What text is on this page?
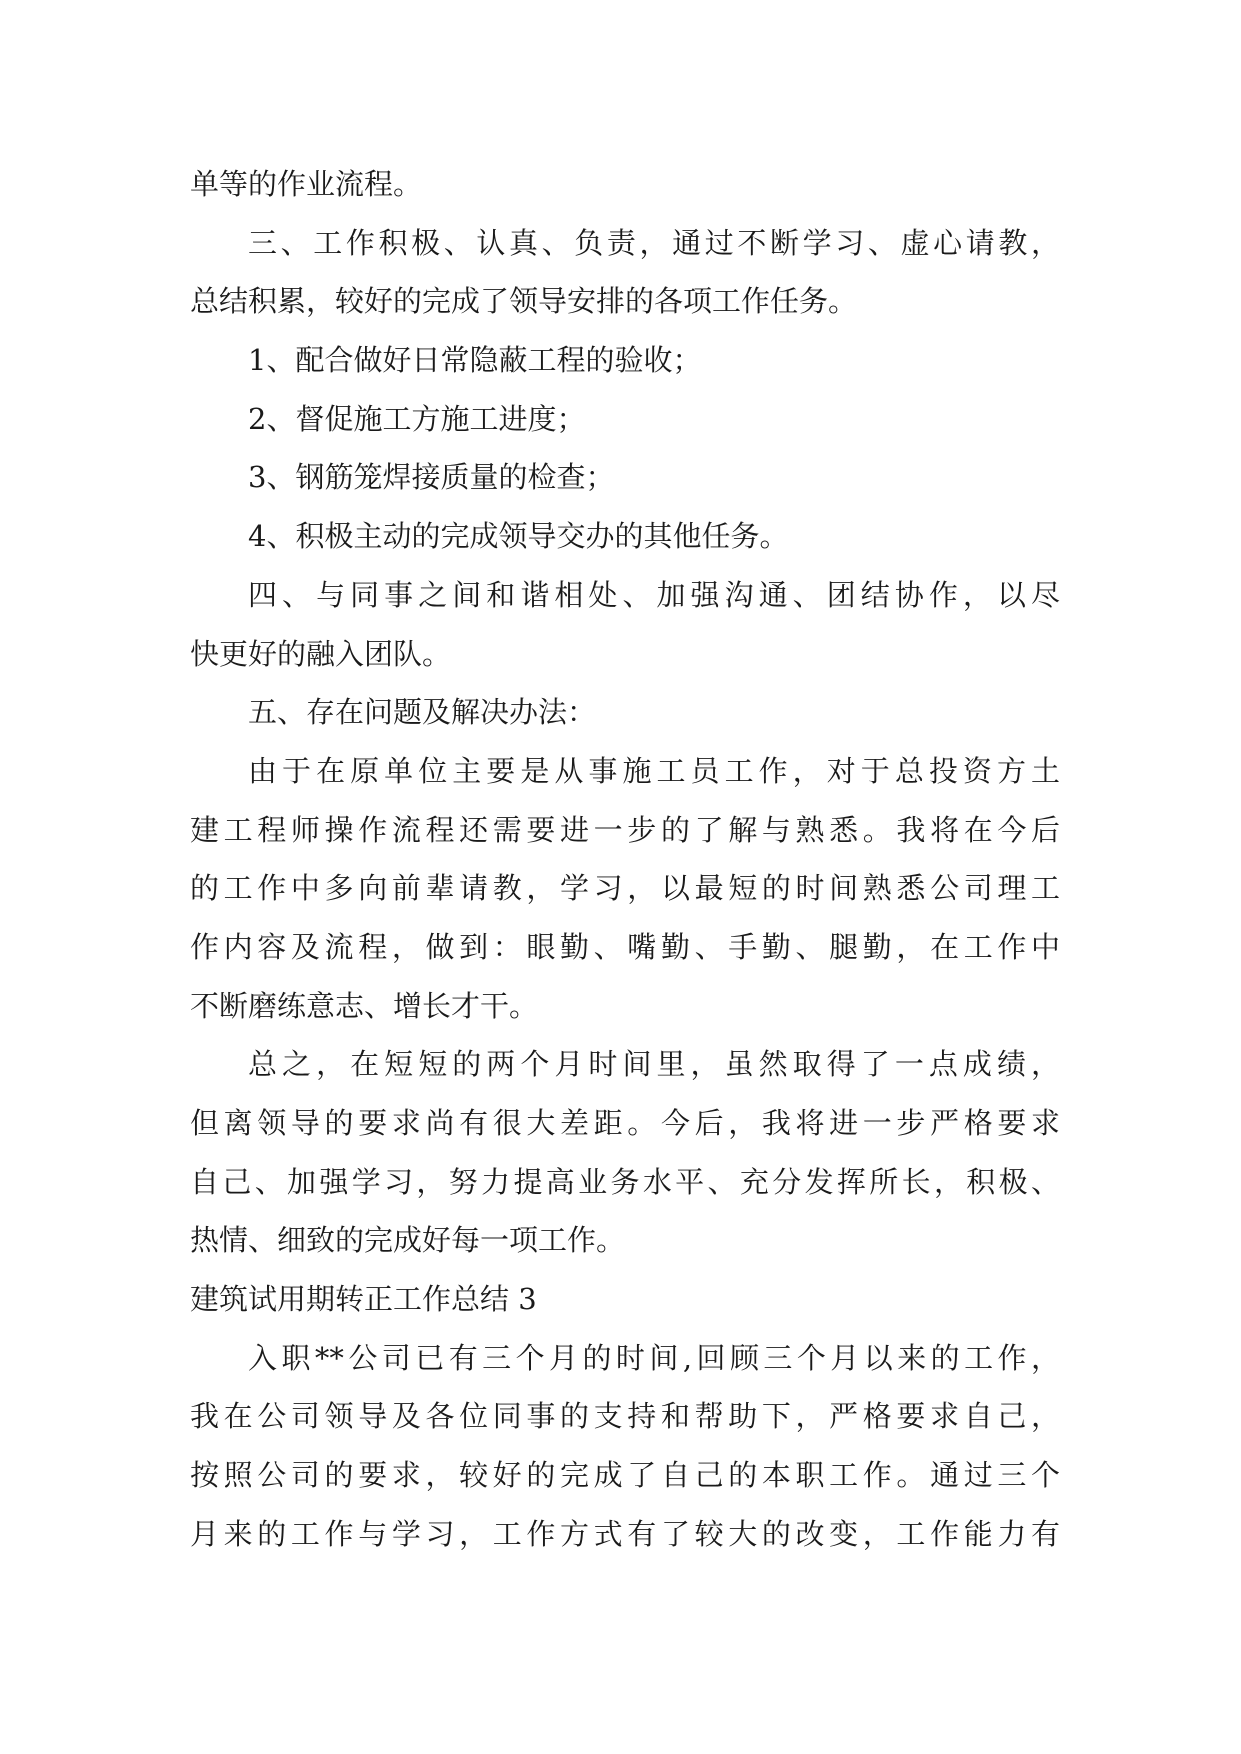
单等的作业流程。
三、工作积极、认真、负责，通过不断学习、虚心请教，
总结积累，较好的完成了领导安排的各项工作任务。
1、配合做好日常隐蔽工程的验收；
2、督促施工方施工进度；
3、钢筋笼焊接质量的检查；
4、积极主动的完成领导交办的其他任务。
四、与同事之间和谐相处、加强沟通、团结协作，以尽
快更好的融入团队。
五、存在问题及解决办法：
由于在原单位主要是从事施工员工作，对于总投资方土
建工程师操作流程还需要进一步的了解与熟悉。我将在今后
的工作中多向前辈请教，学习，以最短的时间熟悉公司理工
作内容及流程，做到：眼勤、嘴勤、手勤、腿勤，在工作中
不断磨练意志、增长才干。
总之，在短短的两个月时间里，虽然取得了一点成绩，
但离领导的要求尚有很大差距。今后，我将进一步严格要求
自己、加强学习，努力提高业务水平、充分发挥所长，积极、
热情、细致的完成好每一项工作。
建筑试用期转正工作总结 3
入职**公司已有三个月的时间,回顾三个月以来的工作，
我在公司领导及各位同事的支持和帮助下，严格要求自己，
按照公司的要求，较好的完成了自己的本职工作。通过三个
月来的工作与学习，工作方式有了较大的改变，工作能力有
